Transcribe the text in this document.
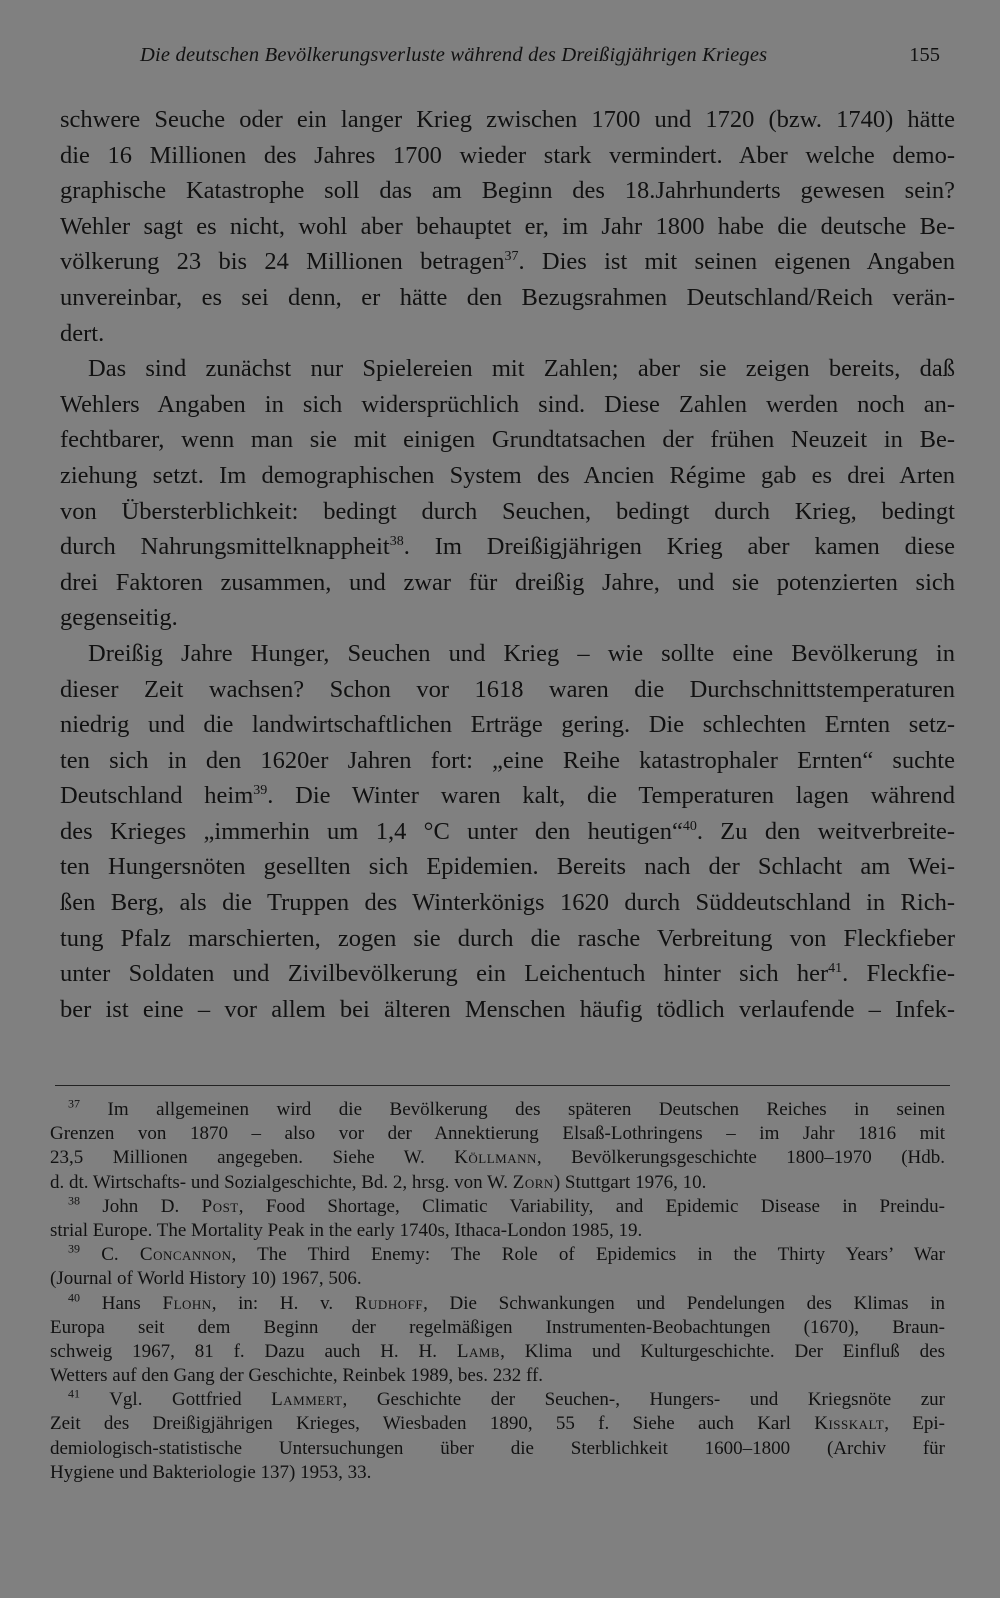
Die deutschen Bevölkerungsverluste während des Dreißigjährigen Krieges	155
schwere Seuche oder ein langer Krieg zwischen 1700 und 1720 (bzw. 1740) hätte
die 16 Millionen des Jahres 1700 wieder stark vermindert. Aber welche demo-
graphische Katastrophe soll das am Beginn des 18.Jahrhunderts gewesen sein?
Wehler sagt es nicht, wohl aber behauptet er, im Jahr 1800 habe die deutsche Be-
völkerung 23 bis 24 Millionen betragen$^{37}$. Dies ist mit seinen eigenen Angaben
unvereinbar, es sei denn, er hätte den Bezugsrahmen Deutschland/Reich verän-
dert.
Das sind zunächst nur Spielereien mit Zahlen; aber sie zeigen bereits, daß
Wehlers Angaben in sich widersprüchlich sind. Diese Zahlen werden noch an-
fechtbarer, wenn man sie mit einigen Grundtatsachen der frühen Neuzeit in Be-
ziehung setzt. Im demographischen System des Ancien Régime gab es drei Arten
von Übersterblichkeit: bedingt durch Seuchen, bedingt durch Krieg, bedingt
durch Nahrungsmittelknappheit$^{38}$. Im Dreißigjährigen Krieg aber kamen diese
drei Faktoren zusammen, und zwar für dreißig Jahre, und sie potenzierten sich
gegenseitig.
Dreißig Jahre Hunger, Seuchen und Krieg – wie sollte eine Bevölkerung in
dieser Zeit wachsen? Schon vor 1618 waren die Durchschnittstemperaturen
niedrig und die landwirtschaftlichen Erträge gering. Die schlechten Ernten setz-
ten sich in den 1620er Jahren fort: „eine Reihe katastrophaler Ernten“ suchte
Deutschland heim$^{39}$. Die Winter waren kalt, die Temperaturen lagen während
des Krieges „immerhin um 1,4 °C unter den heutigen“$^{40}$. Zu den weitverbreite-
ten Hungersnöten gesellten sich Epidemien. Bereits nach der Schlacht am Wei-
ßen Berg, als die Truppen des Winterkönigs 1620 durch Süddeutschland in Rich-
tung Pfalz marschierten, zogen sie durch die rasche Verbreitung von Fleckfieber
unter Soldaten und Zivilbevölkerung ein Leichentuch hinter sich her$^{41}$. Fleckfie-
ber ist eine – vor allem bei älteren Menschen häufig tödlich verlaufende – Infek-
$^{37}$ Im allgemeinen wird die Bevölkerung des späteren Deutschen Reiches in seinen
Grenzen von 1870 – also vor der Annektierung Elsaß-Lothringens – im Jahr 1816 mit
23,5 Millionen angegeben. Siehe W. Köllmann, Bevölkerungsgeschichte 1800–1970 (Hdb.
d. dt. Wirtschafts- und Sozialgeschichte, Bd. 2, hrsg. von W. Zorn) Stuttgart 1976, 10.
$^{38}$ John D. Post, Food Shortage, Climatic Variability, and Epidemic Disease in Preindu-
strial Europe. The Mortality Peak in the early 1740s, Ithaca-London 1985, 19.
$^{39}$ C. Concannon, The Third Enemy: The Role of Epidemics in the Thirty Years’ War
(Journal of World History 10) 1967, 506.
$^{40}$ Hans Flohn, in: H. v. Rudhoff, Die Schwankungen und Pendelungen des Klimas in
Europa seit dem Beginn der regelmäßigen Instrumenten-Beobachtungen (1670), Braun-
schweig 1967, 81 f. Dazu auch H. H. Lamb, Klima und Kulturgeschichte. Der Einfluß des
Wetters auf den Gang der Geschichte, Reinbek 1989, bes. 232 ff.
$^{41}$ Vgl. Gottfried Lammert, Geschichte der Seuchen-, Hungers- und Kriegsnöte zur
Zeit des Dreißigjährigen Krieges, Wiesbaden 1890, 55 f. Siehe auch Karl Kisskalt, Epi-
demiologisch-statistische Untersuchungen über die Sterblichkeit 1600–1800 (Archiv für
Hygiene und Bakteriologie 137) 1953, 33.
